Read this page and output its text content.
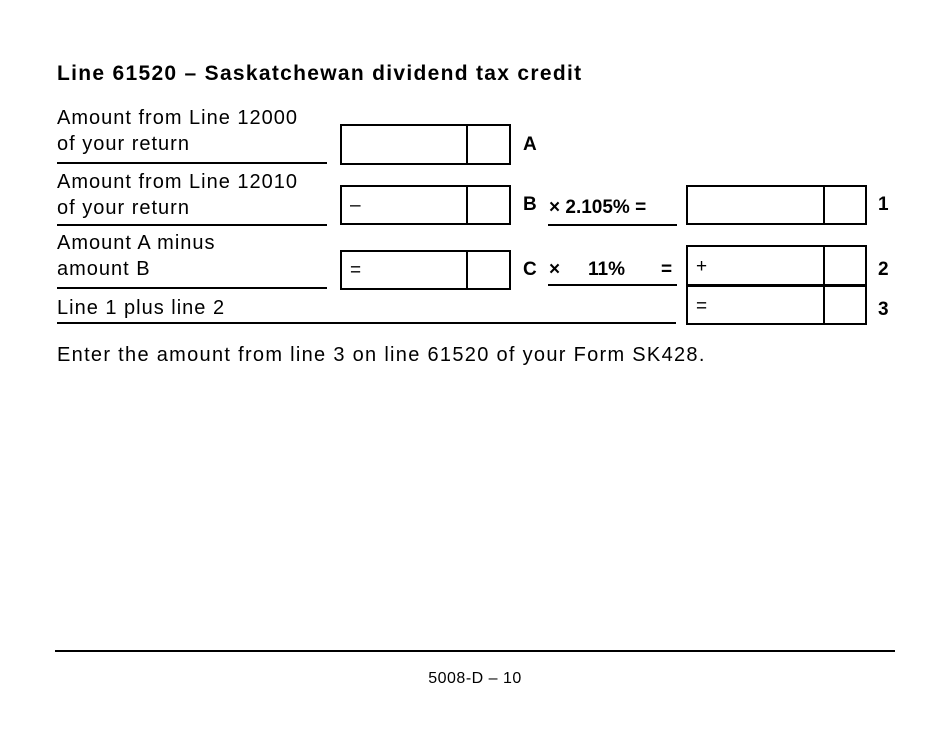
Line 61520 – Saskatchewan dividend tax credit
Amount from Line 12000
of your return	A
Amount from Line 12010
of your return	–	B × 2.105% =	1
Amount A minus
amount B	=	C × 11% = +	2
Line 1 plus line 2	=	3
Enter the amount from line 3 on line 61520 of your Form SK428.
5008-D – 10
